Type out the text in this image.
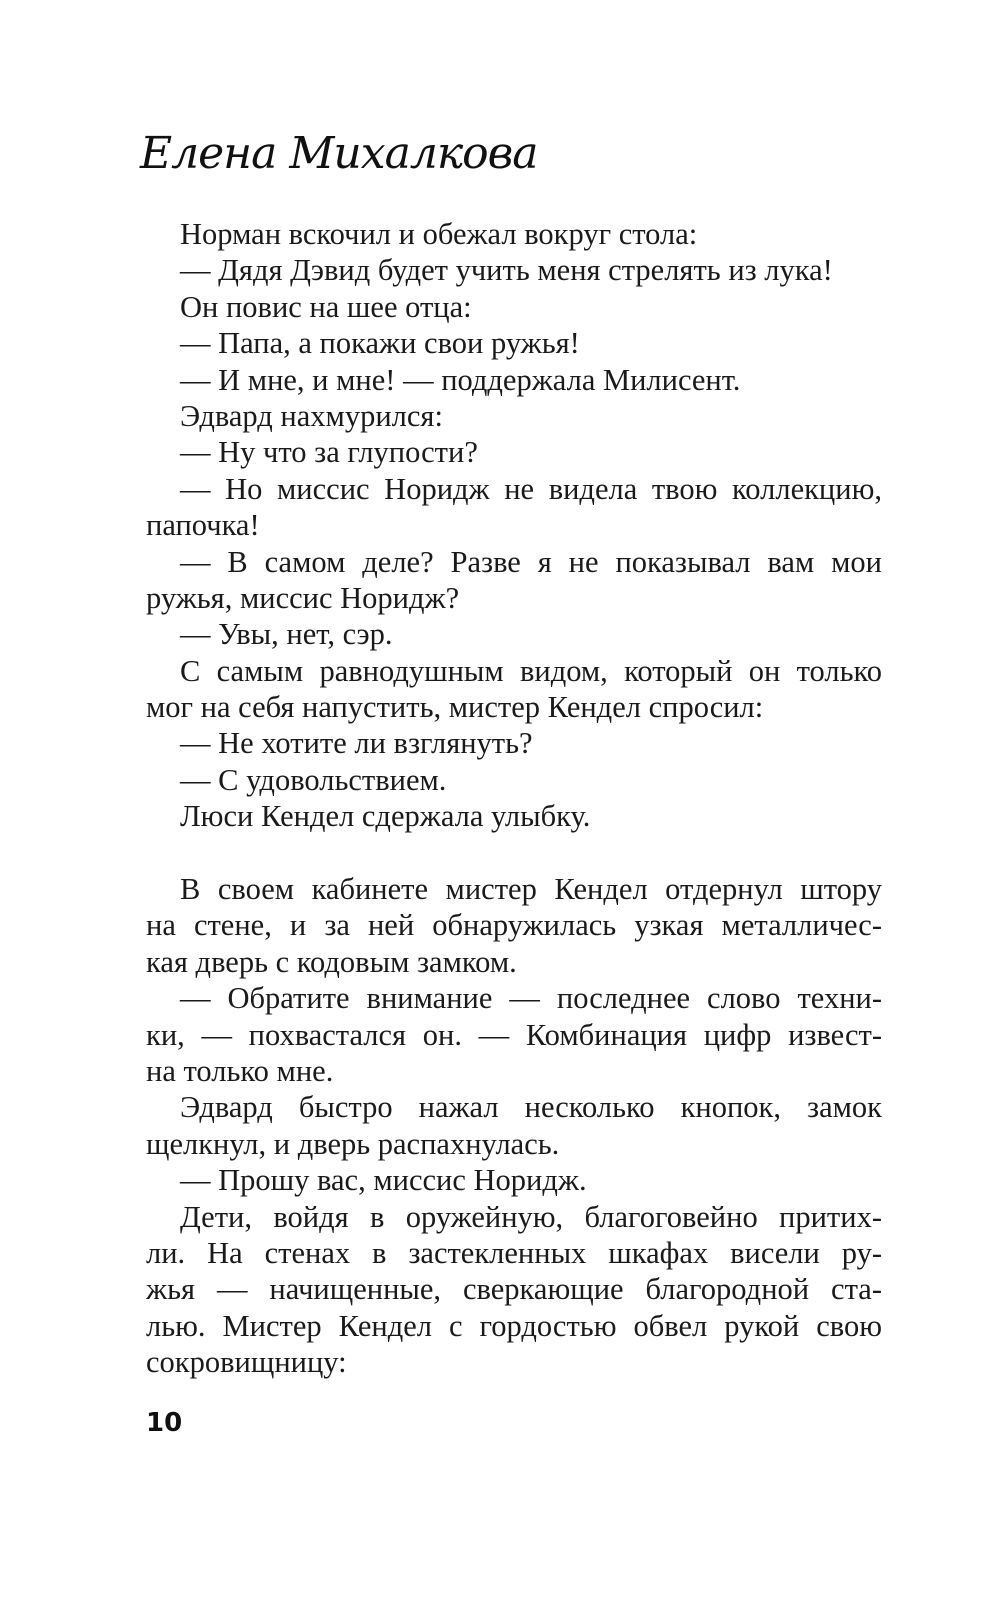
Елена Михалкова
Норман вскочил и обежал вокруг стола:
— Дядя Дэвид будет учить меня стрелять из лука!
Он повис на шее отца:
— Папа, а покажи свои ружья!
— И мне, и мне! — поддержала Милисент.
Эдвард нахмурился:
— Ну что за глупости?
— Но миссис Норидж не видела твою коллекцию,
папочка!
— В самом деле? Разве я не показывал вам мои
ружья, миссис Норидж?
— Увы, нет, сэр.
С самым равнодушным видом, который он только
мог на себя напустить, мистер Кендел спросил:
— Не хотите ли взглянуть?
— С удовольствием.
Люси Кендел сдержала улыбку.
В своем кабинете мистер Кендел отдернул штору
на стене, и за ней обнаружилась узкая металличес-
кая дверь с кодовым замком.
— Обратите внимание — последнее слово техни-
ки, — похвастался он. — Комбинация цифр извест-
на только мне.
Эдвард быстро нажал несколько кнопок, замок
щелкнул, и дверь распахнулась.
— Прошу вас, миссис Норидж.
Дети, войдя в оружейную, благоговейно притих-
ли. На стенах в застекленных шкафах висели ру-
жья — начищенные, сверкающие благородной ста-
лью. Мистер Кендел с гордостью обвел рукой свою
сокровищницу:
10
